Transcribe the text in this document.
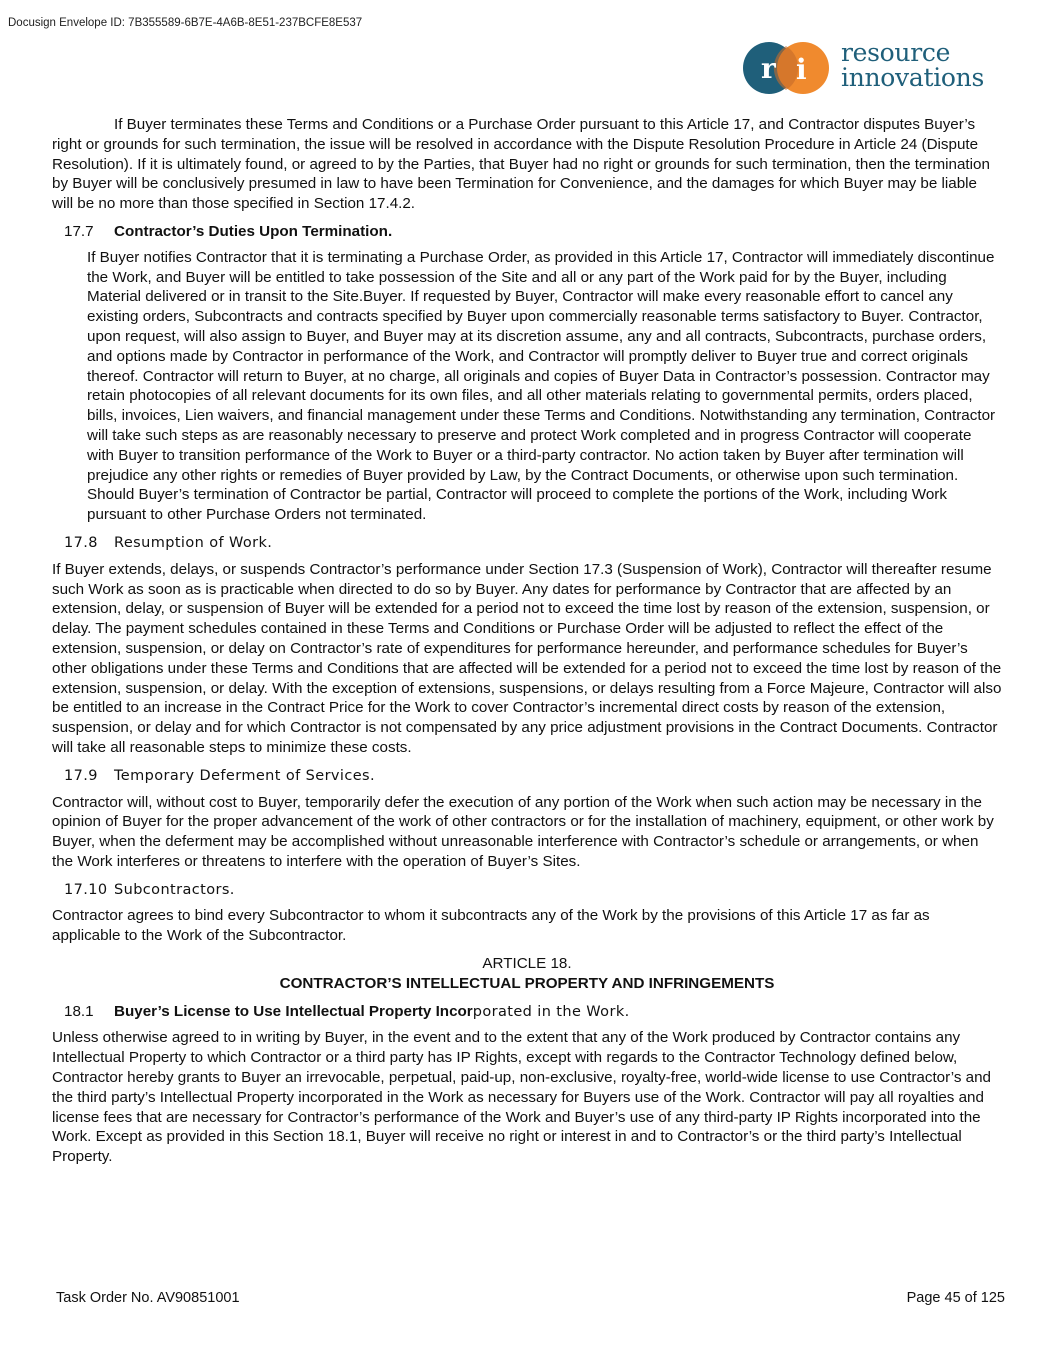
Docusign Envelope ID: 7B355589-6B7E-4A6B-8E51-237BCFE8E537
r i
resource
innovations

If Buyer terminates these Terms and Conditions or a Purchase Order pursuant to this Article 17, and Contractor disputes Buyer’s right or grounds for such termination, the issue will be resolved in accordance with the Dispute Resolution Procedure in Article 24 (Dispute Resolution). If it is ultimately found, or agreed to by the Parties, that Buyer had no right or grounds for such termination, then the termination by Buyer will be conclusively presumed in law to have been Termination for Convenience, and the damages for which Buyer may be liable will be no more than those specified in Section 17.4.2.

17.7 Contractor’s Duties Upon Termination.

If Buyer notifies Contractor that it is terminating a Purchase Order, as provided in this Article 17, Contractor will immediately discontinue the Work, and Buyer will be entitled to take possession of the Site and all or any part of the Work paid for by the Buyer, including Material delivered or in transit to the Site.Buyer. If requested by Buyer, Contractor will make every reasonable effort to cancel any existing orders, Subcontracts and contracts specified by Buyer upon commercially reasonable terms satisfactory to Buyer. Contractor, upon request, will also assign to Buyer, and Buyer may at its discretion assume, any and all contracts, Subcontracts, purchase orders, and options made by Contractor in performance of the Work, and Contractor will promptly deliver to Buyer true and correct originals thereof. Contractor will return to Buyer, at no charge, all originals and copies of Buyer Data in Contractor’s possession. Contractor may retain photocopies of all relevant documents for its own files, and all other materials relating to governmental permits, orders placed, bills, invoices, Lien waivers, and financial management under these Terms and Conditions. Notwithstanding any termination, Contractor will take such steps as are reasonably necessary to preserve and protect Work completed and in progress Contractor will cooperate with Buyer to transition performance of the Work to Buyer or a third-party contractor. No action taken by Buyer after termination will prejudice any other rights or remedies of Buyer provided by Law, by the Contract Documents, or otherwise upon such termination. Should Buyer’s termination of Contractor be partial, Contractor will proceed to complete the portions of the Work, including Work pursuant to other Purchase Orders not terminated.

17.8 Resumption of Work.

If Buyer extends, delays, or suspends Contractor’s performance under Section 17.3 (Suspension of Work), Contractor will thereafter resume such Work as soon as is practicable when directed to do so by Buyer. Any dates for performance by Contractor that are affected by an extension, delay, or suspension of Buyer will be extended for a period not to exceed the time lost by reason of the extension, suspension, or delay. The payment schedules contained in these Terms and Conditions or Purchase Order will be adjusted to reflect the effect of the extension, suspension, or delay on Contractor’s rate of expenditures for performance hereunder, and performance schedules for Buyer’s other obligations under these Terms and Conditions that are affected will be extended for a period not to exceed the time lost by reason of the extension, suspension, or delay. With the exception of extensions, suspensions, or delays resulting from a Force Majeure, Contractor will also be entitled to an increase in the Contract Price for the Work to cover Contractor’s incremental direct costs by reason of the extension, suspension, or delay and for which Contractor is not compensated by any price adjustment provisions in the Contract Documents. Contractor will take all reasonable steps to minimize these costs.

17.9 Temporary Deferment of Services.

Contractor will, without cost to Buyer, temporarily defer the execution of any portion of the Work when such action may be necessary in the opinion of Buyer for the proper advancement of the work of other contractors or for the installation of machinery, equipment, or other work by Buyer, when the deferment may be accomplished without unreasonable interference with Contractor’s schedule or arrangements, or when the Work interferes or threatens to interfere with the operation of Buyer’s Sites.

17.10 Subcontractors.

Contractor agrees to bind every Subcontractor to whom it subcontracts any of the Work by the provisions of this Article 17 as far as applicable to the Work of the Subcontractor.

ARTICLE 18.
CONTRACTOR’S INTELLECTUAL PROPERTY AND INFRINGEMENTS
18.1 Buyer’s License to Use Intellectual Property Incorporated in the Work.

Unless otherwise agreed to in writing by Buyer, in the event and to the extent that any of the Work produced by Contractor contains any Intellectual Property to which Contractor or a third party has IP Rights, except with regards to the Contractor Technology defined below, Contractor hereby grants to Buyer an irrevocable, perpetual, paid-up, non-exclusive, royalty-free, world-wide license to use Contractor’s and the third party’s Intellectual Property incorporated in the Work as necessary for Buyers use of the Work. Contractor will pay all royalties and license fees that are necessary for Contractor’s performance of the Work and Buyer’s use of any third-party IP Rights incorporated into the Work. Except as provided in this Section 18.1, Buyer will receive no right or interest in and to Contractor’s or the third party’s Intellectual Property.

Task Order No. AV90851001	Page 45 of 125
